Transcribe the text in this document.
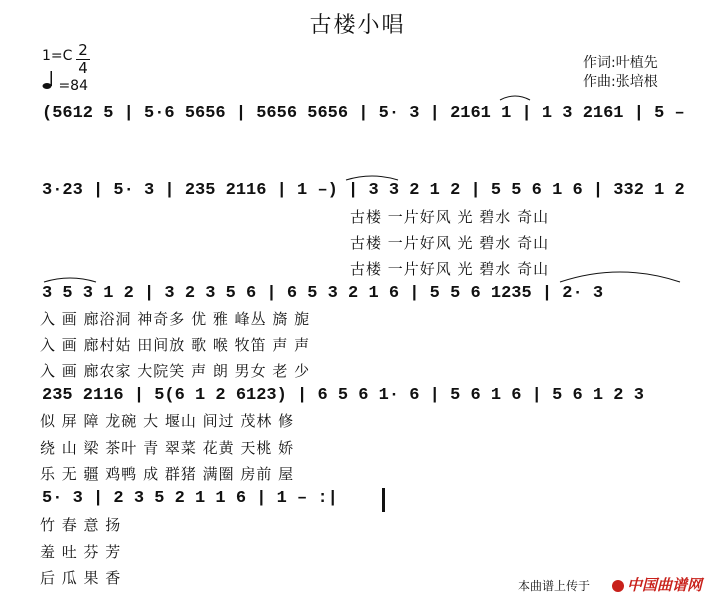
古楼小唱
1=C 2
4
=84
作词:叶植先
作曲:张培根
(5612 5 | 5·6 5656 | 5656 5656 | 5· 3 | 2161 1 | 1 3 2161 | 5 –
3·23 | 5· 3 | 235 2116 | 1 –) | 3 3 2 1 2 | 5 5 6 1 6 | 332 1 2
古楼 一片好风 光 碧水 奇山
古楼 一片好风 光 碧水 奇山
古楼 一片好风 光 碧水 奇山
3 5 3 1 2 | 3 2 3 5 6 | 6 5 3 2 1 6 | 5 5 6 1235 | 2· 3
入 画 廊浴洞 神奇多 优 雅 峰丛 旖 旎
入 画 廊村姑 田间放 歌 喉 牧笛 声 声
入 画 廊农家 大院笑 声 朗 男女 老 少
235 2116 | 5(6 1 2 6123) | 6 5 6 1· 6 | 5 6 1 6 | 5 6 1 2 3
似 屏 障 龙碗 大 堰山 间过 茂林 修
绕 山 梁 茶叶 青 翠菜 花黄 天桃 娇
乐 无 疆 鸡鸭 成 群猪 满圈 房前 屋
5· 3 | 2 3 5 2 1 1 6 | 1 – :|
竹 春 意 扬
羞 吐 芬 芳
后 瓜 果 香	本曲谱上传于	中国曲谱网
